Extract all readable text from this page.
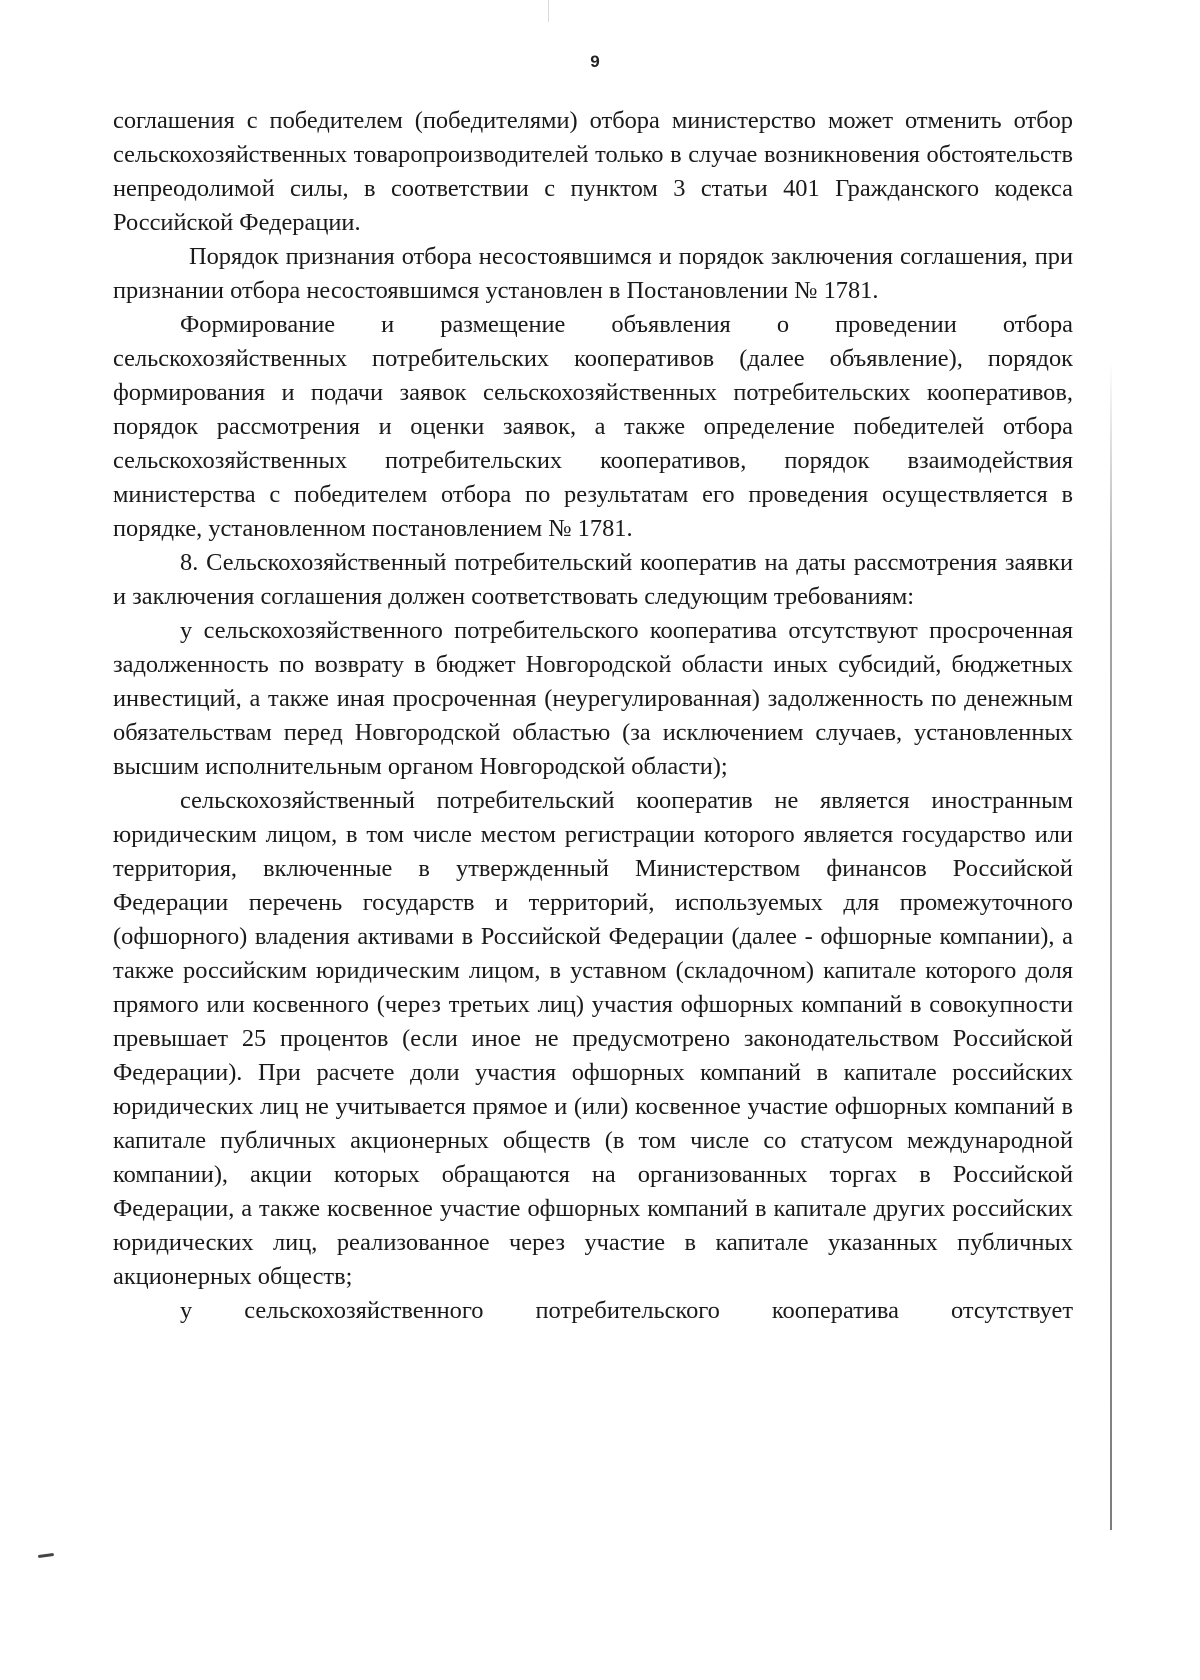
9

соглашения с победителем (победителями) отбора министерство может отменить отбор сельскохозяйственных товаропроизводителей только в случае возникновения обстоятельств непреодолимой силы, в соответствии с пунктом 3 статьи 401 Гражданского кодекса Российской Федерации.

Порядок признания отбора несостоявшимся и порядок заключения соглашения, при признании отбора несостоявшимся установлен в Постановлении № 1781.

Формирование и размещение объявления о проведении отбора сельскохозяйственных потребительских кооперативов (далее объявление), порядок формирования и подачи заявок сельскохозяйственных потребительских кооперативов, порядок рассмотрения и оценки заявок, а также определение победителей отбора сельскохозяйственных потребительских кооперативов, порядок взаимодействия министерства с победителем отбора по результатам его проведения осуществляется в порядке, установленном постановлением № 1781.

8. Сельскохозяйственный потребительский кооператив на даты рассмотрения заявки и заключения соглашения должен соответствовать следующим требованиям:

у сельскохозяйственного потребительского кооператива отсутствуют просроченная задолженность по возврату в бюджет Новгородской области иных субсидий, бюджетных инвестиций, а также иная просроченная (неурегулированная) задолженность по денежным обязательствам перед Новгородской областью (за исключением случаев, установленных высшим исполнительным органом Новгородской области);

сельскохозяйственный потребительский кооператив не является иностранным юридическим лицом, в том числе местом регистрации которого является государство или территория, включенные в утвержденный Министерством финансов Российской Федерации перечень государств и территорий, используемых для промежуточного (офшорного) владения активами в Российской Федерации (далее - офшорные компании), а также российским юридическим лицом, в уставном (складочном) капитале которого доля прямого или косвенного (через третьих лиц) участия офшорных компаний в совокупности превышает 25 процентов (если иное не предусмотрено законодательством Российской Федерации). При расчете доли участия офшорных компаний в капитале российских юридических лиц не учитывается прямое и (или) косвенное участие офшорных компаний в капитале публичных акционерных обществ (в том числе со статусом международной компании), акции которых обращаются на организованных торгах в Российской Федерации, а также косвенное участие офшорных компаний в капитале других российских юридических лиц, реализованное через участие в капитале указанных публичных акционерных обществ;

у сельскохозяйственного потребительского кооператива отсутствует
